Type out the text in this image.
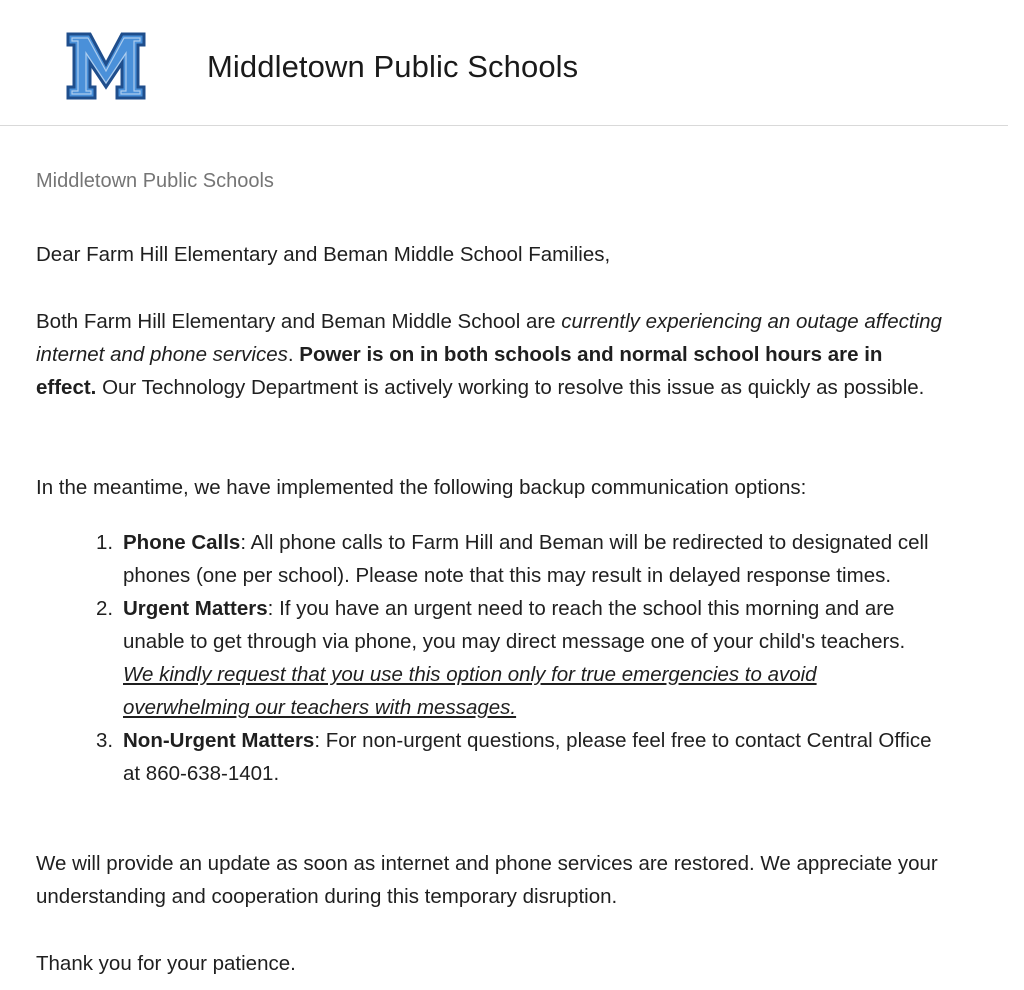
Middletown Public Schools
Middletown Public Schools
Dear Farm Hill Elementary and Beman Middle School Families,
Both Farm Hill Elementary and Beman Middle School are currently experiencing an outage affecting internet and phone services. Power is on in both schools and normal school hours are in effect. Our Technology Department is actively working to resolve this issue as quickly as possible.
In the meantime, we have implemented the following backup communication options:
1. Phone Calls: All phone calls to Farm Hill and Beman will be redirected to designated cell phones (one per school). Please note that this may result in delayed response times.
2. Urgent Matters: If you have an urgent need to reach the school this morning and are unable to get through via phone, you may direct message one of your child's teachers. We kindly request that you use this option only for true emergencies to avoid overwhelming our teachers with messages.
3. Non-Urgent Matters: For non-urgent questions, please feel free to contact Central Office at 860-638-1401.
We will provide an update as soon as internet and phone services are restored. We appreciate your understanding and cooperation during this temporary disruption.
Thank you for your patience.
